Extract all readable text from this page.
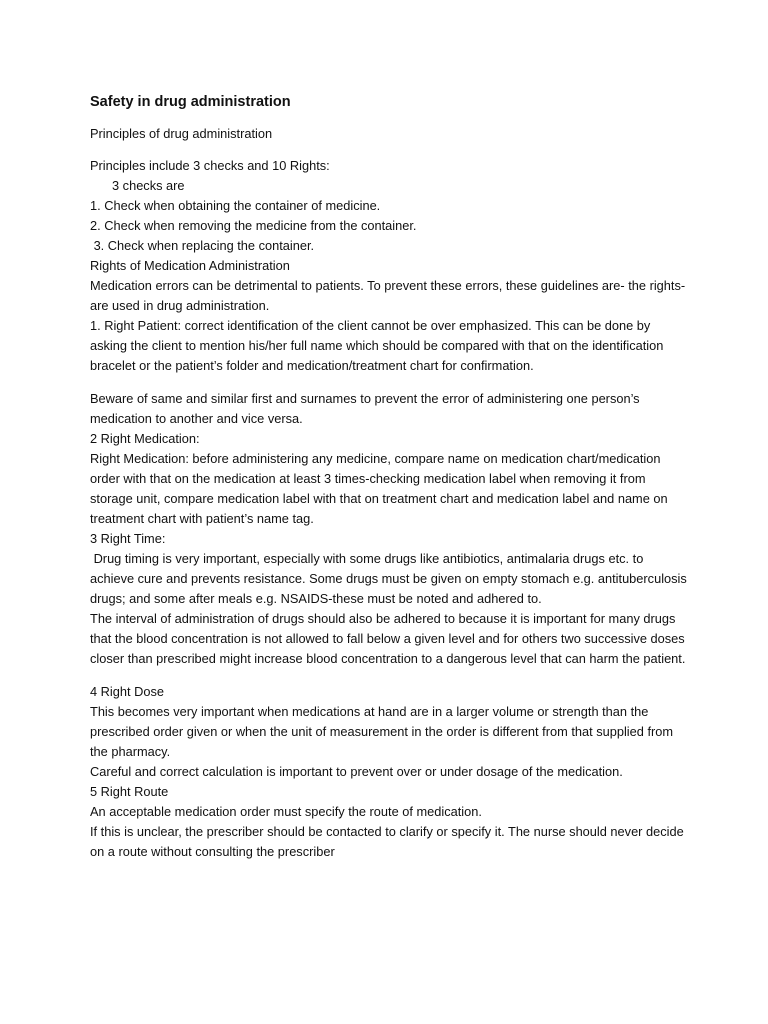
Safety in drug administration

Principles of drug administration

Principles include 3 checks and 10 Rights:

3 checks are

1. Check when obtaining the container of medicine.

2. Check when removing the medicine from the container.

3. Check when replacing the container.

Rights of Medication Administration

Medication errors can be detrimental to patients. To prevent these errors, these guidelines are- the rights- are used in drug administration.

1. Right Patient: correct identification of the client cannot be over emphasized. This can be done by asking the client to mention his/her full name which should be compared with that on the identification bracelet or the patient’s folder and medication/treatment chart for confirmation.

Beware of same and similar first and surnames to prevent the error of administering one person’s medication to another and vice versa.

2 Right Medication:

Right Medication: before administering any medicine, compare name on medication chart/medication order with that on the medication at least 3 times-checking medication label when removing it from storage unit, compare medication label with that on treatment chart and medication label and name on treatment chart with patient’s name tag.

3 Right Time:

Drug timing is very important, especially with some drugs like antibiotics, antimalaria drugs etc. to achieve cure and prevents resistance. Some drugs must be given on empty stomach e.g. antituberculosis drugs; and some after meals e.g. NSAIDS-these must be noted and adhered to.

The interval of administration of drugs should also be adhered to because it is important for many drugs that the blood concentration is not allowed to fall below a given level and for others two successive doses closer than prescribed might increase blood concentration to a dangerous level that can harm the patient.

4 Right Dose

This becomes very important when medications at hand are in a larger volume or strength than the prescribed order given or when the unit of measurement in the order is different from that supplied from the pharmacy.

Careful and correct calculation is important to prevent over or under dosage of the medication.

5 Right Route

An acceptable medication order must specify the route of medication.

If this is unclear, the prescriber should be contacted to clarify or specify it. The nurse should never decide on a route without consulting the prescriber
